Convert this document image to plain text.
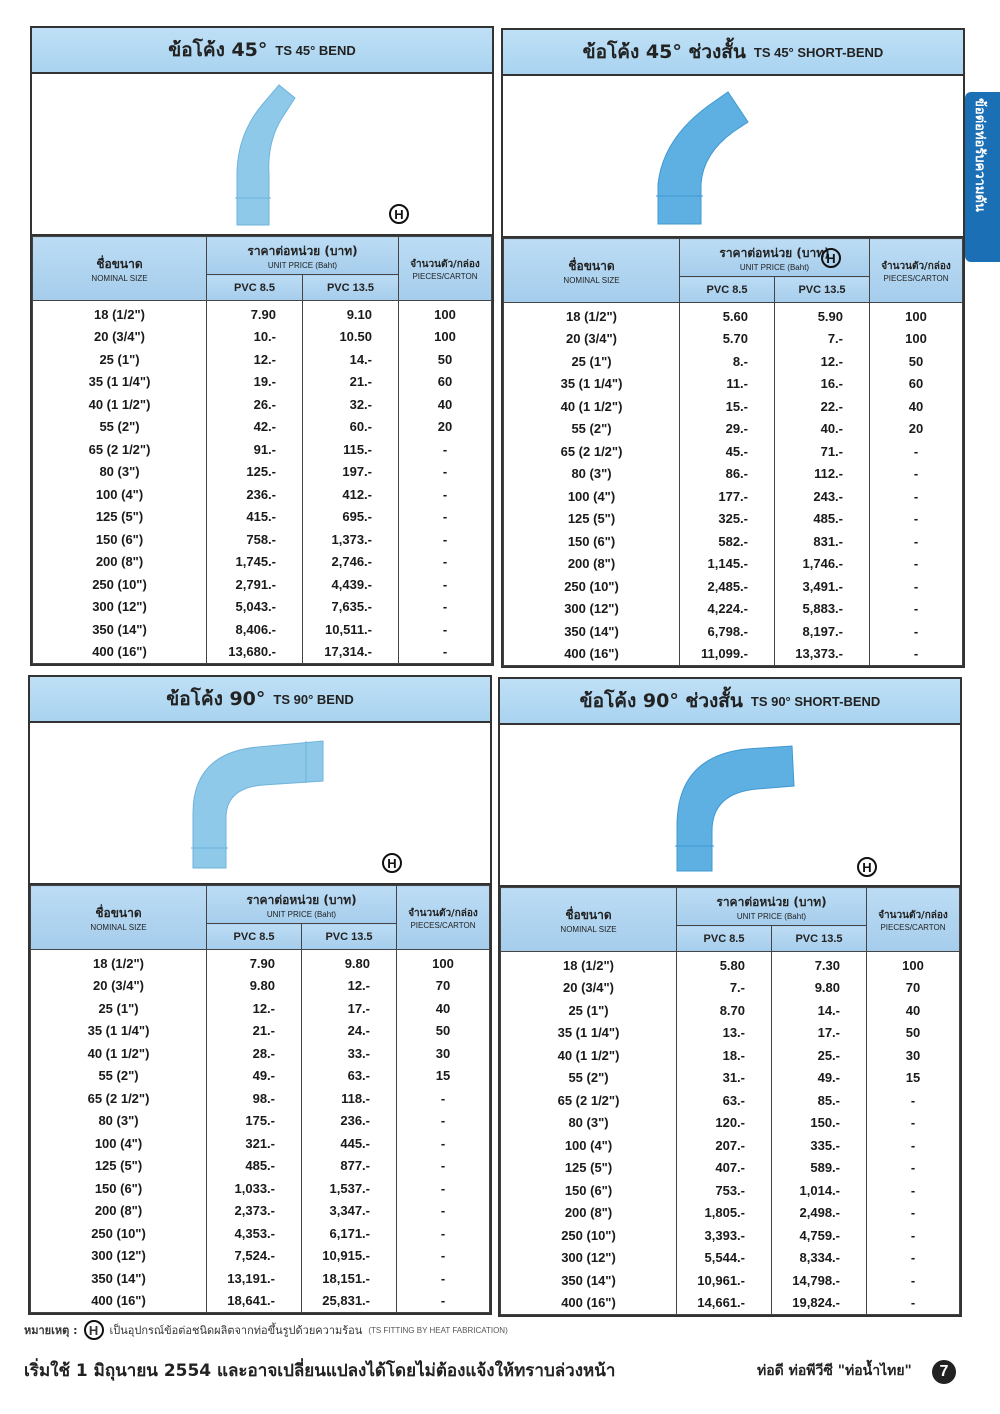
ข้อต่อท่อรับความดัน
ข้อโค้ง 45° TS 45° BEND
H
ชื่อขนาด
NOMINAL SIZE	ราคาต่อหน่วย (บาท)
UNIT PRICE (Baht)		จำนวนตัว/กล่อง
PIECES/CARTON

	PVC 8.5	PVC 13.5	
18 (1/2")	7.90	9.10	100
20 (3/4")	10.-	10.50	100
25 (1")	12.-	14.-	50
35 (1 1/4")	19.-	21.-	60
40 (1 1/2")	26.-	32.-	40
55 (2")	42.-	60.-	20
65 (2 1/2")	91.-	115.-	-
80 (3")	125.-	197.-	-
100 (4")	236.-	412.-	-
125 (5")	415.-	695.-	-
150 (6")	758.-	1,373.-	-
200 (8")	1,745.-	2,746.-	-
250 (10")	2,791.-	4,439.-	-
300 (12")	5,043.-	7,635.-	-
350 (14")	8,406.-	10,511.-	-
400 (16")	13,680.-	17,314.-	-
ข้อโค้ง 45° ช่วงสั้น TS 45° SHORT-BEND
H
ชื่อขนาด
NOMINAL SIZE	ราคาต่อหน่วย (บาท)
UNIT PRICE (Baht)		จำนวนตัว/กล่อง
PIECES/CARTON

	PVC 8.5	PVC 13.5	
18 (1/2")	5.60	5.90	100
20 (3/4")	5.70	7.-	100
25 (1")	8.-	12.-	50
35 (1 1/4")	11.-	16.-	60
40 (1 1/2")	15.-	22.-	40
55 (2")	29.-	40.-	20
65 (2 1/2")	45.-	71.-	-
80 (3")	86.-	112.-	-
100 (4")	177.-	243.-	-
125 (5")	325.-	485.-	-
150 (6")	582.-	831.-	-
200 (8")	1,145.-	1,746.-	-
250 (10")	2,485.-	3,491.-	-
300 (12")	4,224.-	5,883.-	-
350 (14")	6,798.-	8,197.-	-
400 (16")	11,099.-	13,373.-	-
ข้อโค้ง 90° TS 90° BEND
H
ชื่อขนาด
NOMINAL SIZE	ราคาต่อหน่วย (บาท)
UNIT PRICE (Baht)		จำนวนตัว/กล่อง
PIECES/CARTON

	PVC 8.5	PVC 13.5	
18 (1/2")	7.90	9.80	100
20 (3/4")	9.80	12.-	70
25 (1")	12.-	17.-	40
35 (1 1/4")	21.-	24.-	50
40 (1 1/2")	28.-	33.-	30
55 (2")	49.-	63.-	15
65 (2 1/2")	98.-	118.-	-
80 (3")	175.-	236.-	-
100 (4")	321.-	445.-	-
125 (5")	485.-	877.-	-
150 (6")	1,033.-	1,537.-	-
200 (8")	2,373.-	3,347.-	-
250 (10")	4,353.-	6,171.-	-
300 (12")	7,524.-	10,915.-	-
350 (14")	13,191.-	18,151.-	-
400 (16")	18,641.-	25,831.-	-
ข้อโค้ง 90° ช่วงสั้น TS 90° SHORT-BEND
H
ชื่อขนาด
NOMINAL SIZE	ราคาต่อหน่วย (บาท)
UNIT PRICE (Baht)		จำนวนตัว/กล่อง
PIECES/CARTON

	PVC 8.5	PVC 13.5	
18 (1/2")	5.80	7.30	100
20 (3/4")	7.-	9.80	70
25 (1")	8.70	14.-	40
35 (1 1/4")	13.-	17.-	50
40 (1 1/2")	18.-	25.-	30
55 (2")	31.-	49.-	15
65 (2 1/2")	63.-	85.-	-
80 (3")	120.-	150.-	-
100 (4")	207.-	335.-	-
125 (5")	407.-	589.-	-
150 (6")	753.-	1,014.-	-
200 (8")	1,805.-	2,498.-	-
250 (10")	3,393.-	4,759.-	-
300 (12")	5,544.-	8,334.-	-
350 (14")	10,961.-	14,798.-	-
400 (16")	14,661.-	19,824.-	-
หมายเหตุ : H	เป็นอุปกรณ์ข้อต่อชนิดผลิตจากท่อขึ้นรูปด้วยความร้อน (TS FITTING BY HEAT FABRICATION)
เริ่มใช้ 1 มิถุนายน 2554 และอาจเปลี่ยนแปลงได้โดยไม่ต้องแจ้งให้ทราบล่วงหน้า	ท่อดี ท่อพีวีซี "ท่อน้ำไทย"	7
